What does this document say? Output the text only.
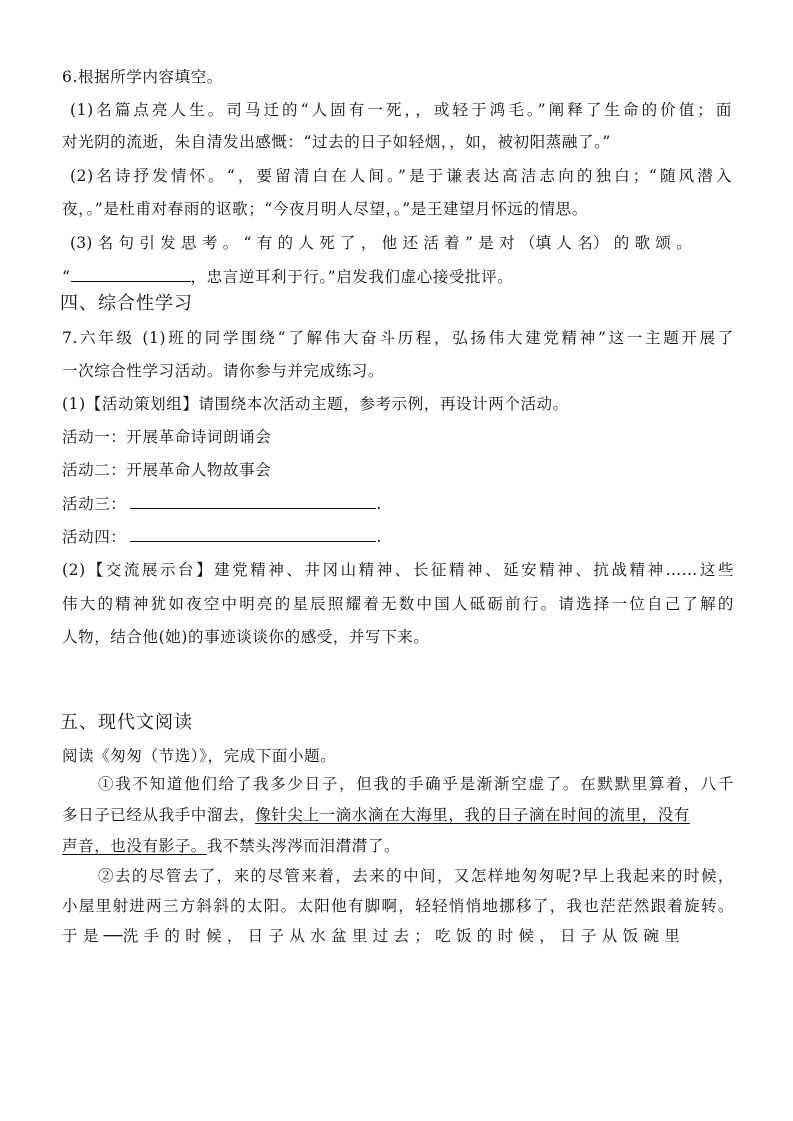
6.根据所学内容填空。
(1)名篇点亮人生。司马迁的“人固有一死，，或轻于鸿毛。”阐释了生命的价值；面
对光阴的流逝，朱自清发出感慨：“过去的日子如轻烟，，如，被初阳蒸融了。”
(2)名诗抒发情怀。“，要留清白在人间。”是于谦表达高洁志向的独白；“随风潜入
夜，。”是杜甫对春雨的讴歌；“今夜月明人尽望，。”是王建望月怀远的情思。
(3) 名 句 引 发 思 考 。 “ 有 的 人 死 了 ， 他 还 活 着 ” 是 对 （填 人 名） 的 歌 颂 。
“	，忠言逆耳利于行。”启发我们虚心接受批评。
四、综合性学习
7.六年级 (1)班的同学围绕“了解伟大奋斗历程，弘扬伟大建党精神”这一主题开展了
一次综合性学习活动。请你参与并完成练习。
(1)【活动策划组】请围绕本次活动主题，参考示例，再设计两个活动。
活动一：开展革命诗词朗诵会
活动二：开展革命人物故事会
活动三：	.
活动四：	.
(2)【交流展示台】建党精神、井冈山精神、长征精神、延安精神、抗战精神……这些
伟大的精神犹如夜空中明亮的星辰照耀着无数中国人砥砺前行。请选择一位自己了解的
人物，结合他(她)的事迹谈谈你的感受，并写下来。
五、现代文阅读
阅读《匆匆（节选）》，完成下面小题。
①我不知道他们给了我多少日子，但我的手确乎是渐渐空虚了。在默默里算着，八千
多日子已经从我手中溜去，像针尖上一滴水滴在大海里，我的日子滴在时间的流里，没有
声音，也没有影子。我不禁头涔涔而泪潸潸了。
②去的尽管去了，来的尽管来着，去来的中间，又怎样地匆匆呢?早上我起来的时候，
小屋里射进两三方斜斜的太阳。太阳他有脚啊，轻轻悄悄地挪移了，我也茫茫然跟着旋转。
于 是 ──洗 手 的 时 候 ， 日 子 从 水 盆 里 过 去 ； 吃 饭 的 时 候 ， 日 子 从 饭 碗 里
